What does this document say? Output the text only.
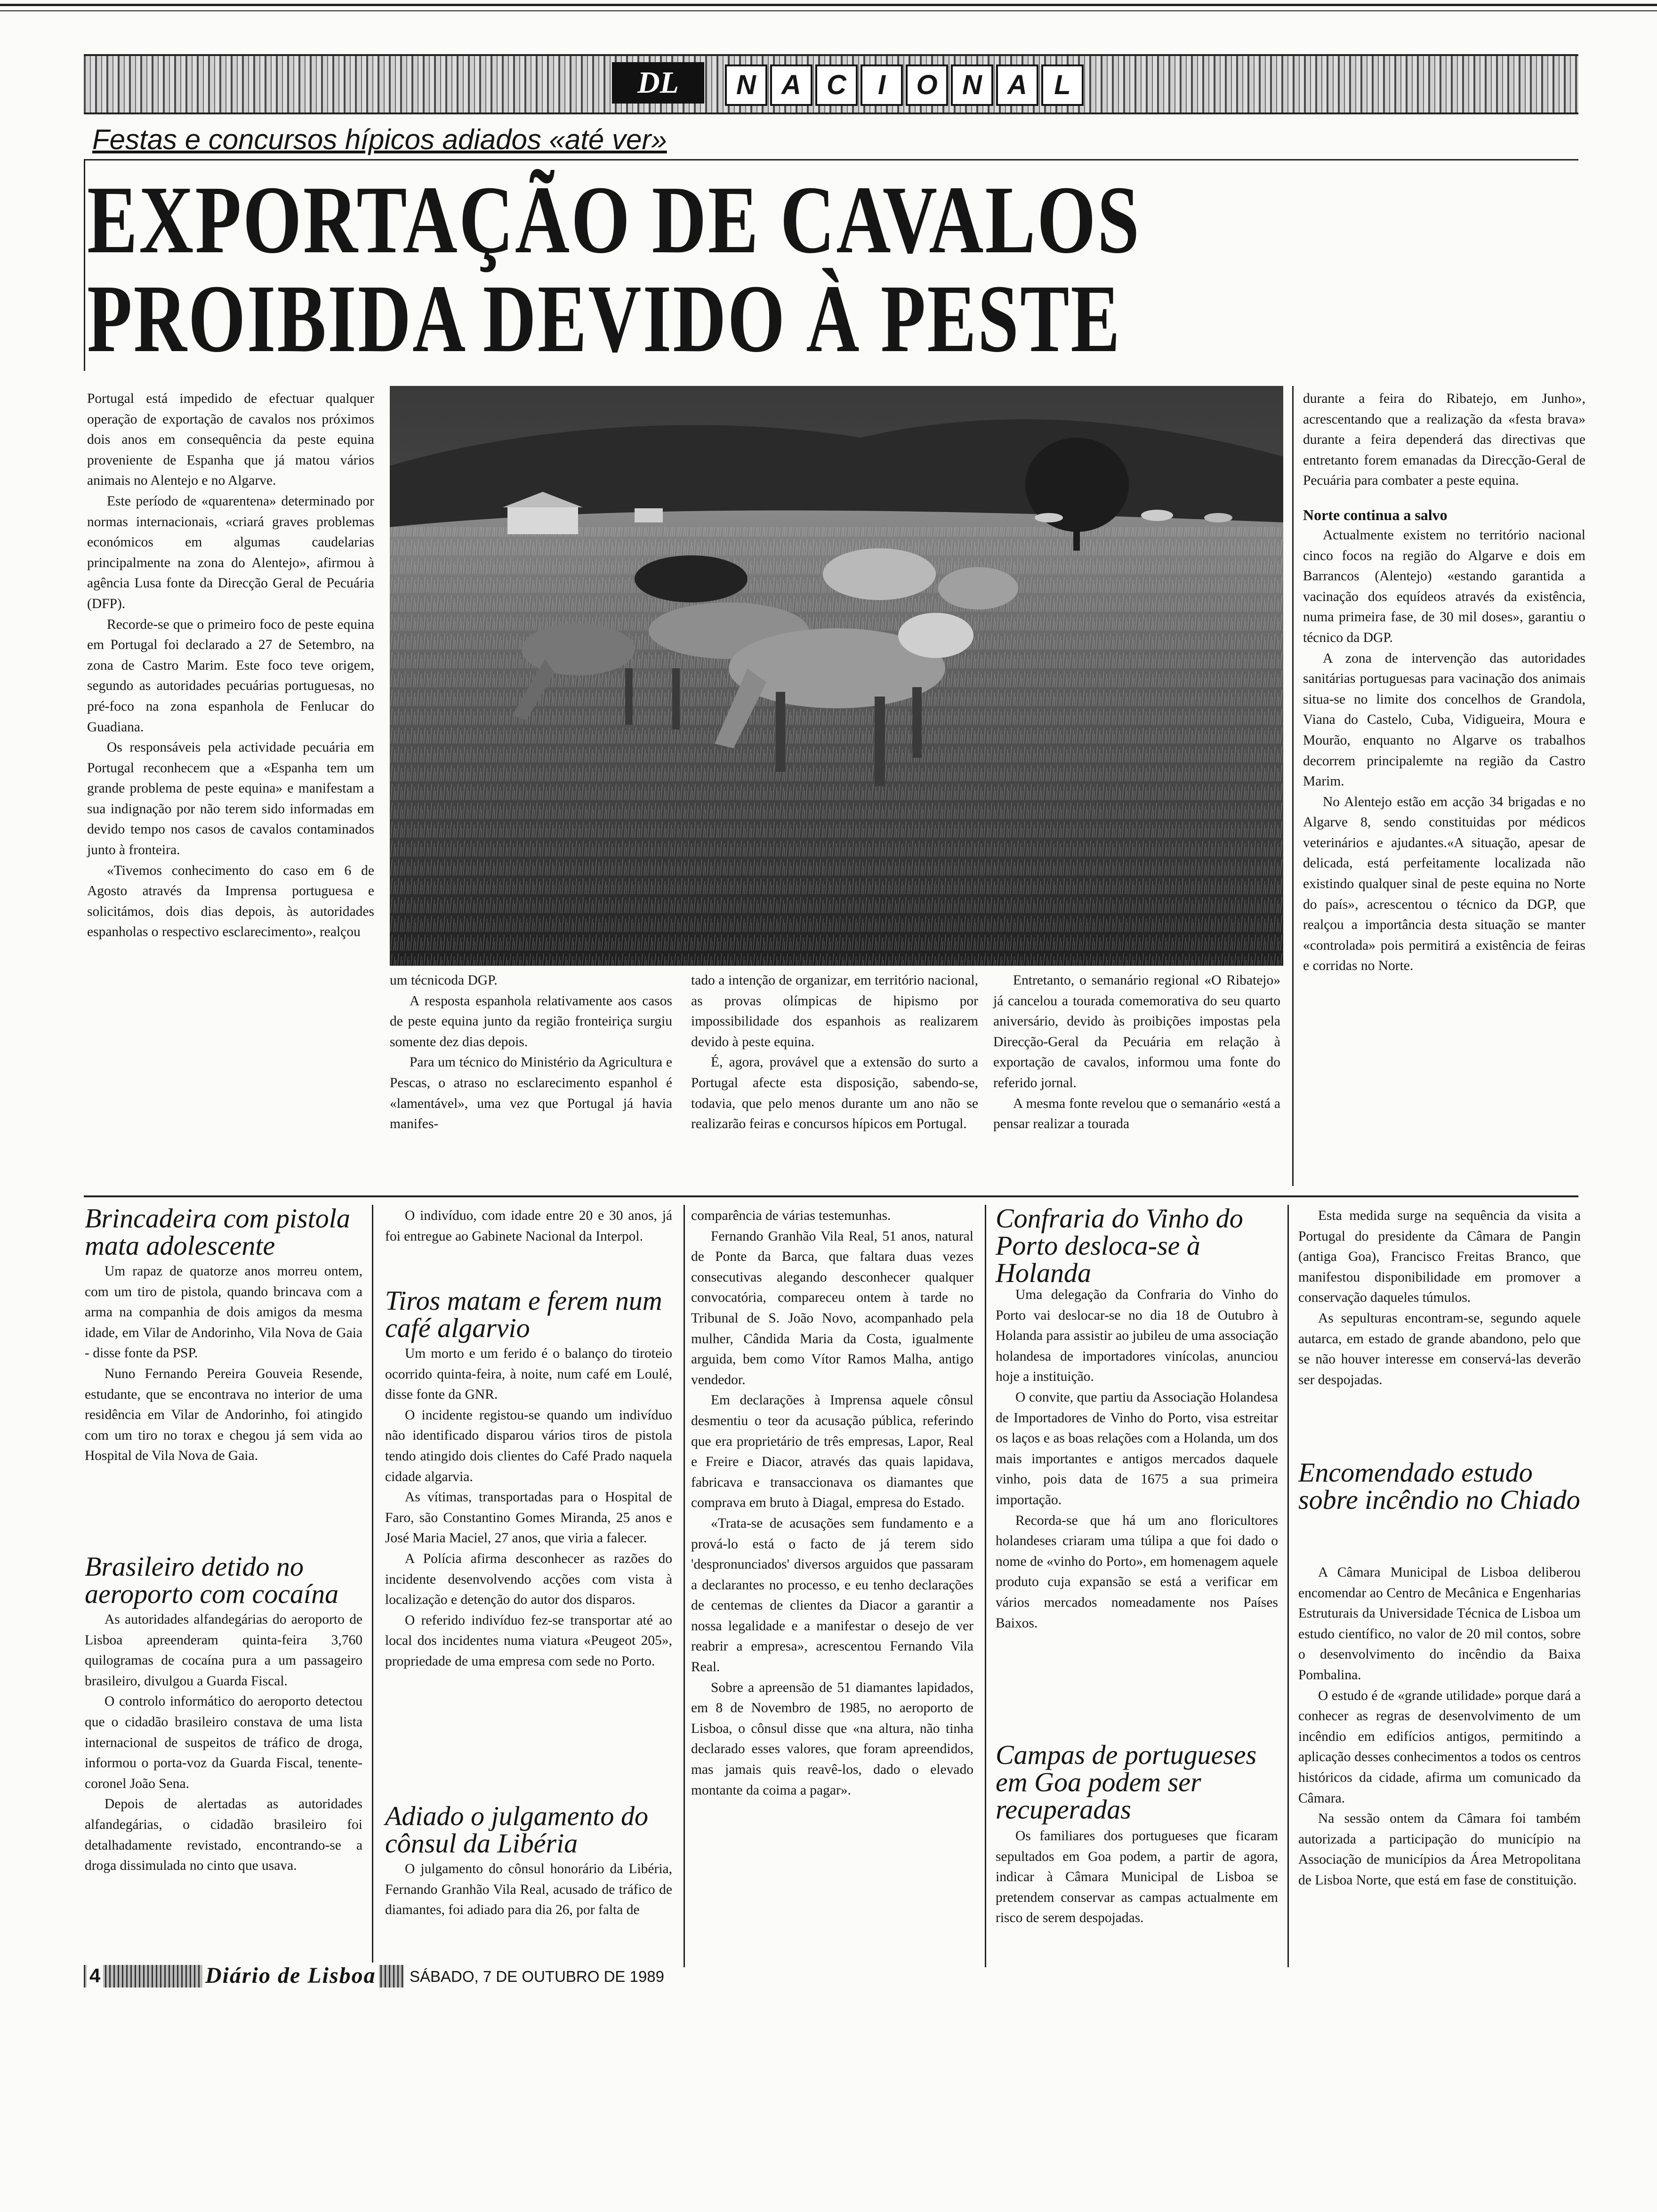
DL	N A C	I	O N A L
Festas e concursos hípicos adiados «até ver»
EXPORTAÇÃO DE CAVALOS
PROIBIDA DEVIDO À PESTE

Portugal está impedido de efectuar qualquer operação de exportação de cavalos nos próximos dois anos em consequência da peste equina proveniente de Espanha que já matou vários animais no Alentejo e no Algarve.

Este período de «quarentena» determinado por normas internacionais, «criará graves problemas económicos em algumas caudelarias principalmente na zona do Alentejo», afirmou à agência Lusa fonte da Direcção Geral de Pecuária (DFP).

Recorde-se que o primeiro foco de peste equina em Portugal foi declarado a 27 de Setembro, na zona de Castro Marim. Este foco teve origem, segundo as autoridades pecuárias portuguesas, no pré-foco na zona espanhola de Fenlucar do Guadiana.

Os responsáveis pela actividade pecuária em Portugal reconhecem que a «Espanha tem um grande problema de peste equina» e manifestam a sua indignação por não terem sido informadas em devido tempo nos casos de cavalos contaminados junto à fronteira.

«Tivemos conhecimento do caso em 6 de Agosto através da Imprensa portuguesa e solicitámos, dois dias depois, às autoridades espanholas o respectivo esclarecimento», realçou

um técnicoda DGP.

A resposta espanhola relativamente aos casos de peste equina junto da região fronteiriça surgiu somente dez dias depois.

Para um técnico do Ministério da Agricultura e Pescas, o atraso no esclarecimento espanhol é «lamentável», uma vez que Portugal já havia manifes-

tado a intenção de organizar, em território nacional, as provas olímpicas de hipismo por impossibilidade dos espanhois as realizarem devido à peste equina.

É, agora, provável que a extensão do surto a Portugal afecte esta disposição, sabendo-se, todavia, que pelo menos durante um ano não se realizarão feiras e concursos hípicos em Portugal.

Entretanto, o semanário regional «O Ribatejo» já cancelou a tourada comemorativa do seu quarto aniversário, devido às proibições impostas pela Direcção-Geral da Pecuária em relação à exportação de cavalos, informou uma fonte do referido jornal.

A mesma fonte revelou que o semanário «está a pensar realizar a tourada

durante a feira do Ribatejo, em Junho», acrescentando que a realização da «festa brava» durante a feira dependerá das directivas que entretanto forem emanadas da Direcção-Geral de Pecuária para combater a peste equina.

Norte continua a salvo

Actualmente existem no território nacional cinco focos na região do Algarve e dois em Barrancos (Alentejo) «estando garantida a vacinação dos equídeos através da existência, numa primeira fase, de 30 mil doses», garantiu o técnico da DGP.

A zona de intervenção das autoridades sanitárias portuguesas para vacinação dos animais situa-se no limite dos concelhos de Grandola, Viana do Castelo, Cuba, Vidigueira, Moura e Mourão, enquanto no Algarve os trabalhos decorrem principalemte na região da Castro Marim.

No Alentejo estão em acção 34 brigadas e no Algarve 8, sendo constituidas por médicos veterinários e ajudantes.«A situação, apesar de delicada, está perfeitamente localizada não existindo qualquer sinal de peste equina no Norte do país», acrescentou o técnico da DGP, que realçou a importância desta situação se manter «controlada» pois permitirá a existência de feiras e corridas no Norte.

Brincadeira com pistola mata adolescente

Um rapaz de quatorze anos morreu ontem, com um tiro de pistola, quando brincava com a arma na companhia de dois amigos da mesma idade, em Vilar de Andorinho, Vila Nova de Gaia - disse fonte da PSP.

Nuno Fernando Pereira Gouveia Resende, estudante, que se encontrava no interior de uma residência em Vilar de Andorinho, foi atingido com um tiro no torax e chegou já sem vida ao Hospital de Vila Nova de Gaia.

Brasileiro detido no aeroporto com cocaína

As autoridades alfandegárias do aeroporto de Lisboa apreenderam quinta-feira 3,760 quilogramas de cocaína pura a um passageiro brasileiro, divulgou a Guarda Fiscal.

O controlo informático do aeroporto detectou que o cidadão brasileiro constava de uma lista internacional de suspeitos de tráfico de droga, informou o porta-voz da Guarda Fiscal, tenente-coronel João Sena.

Depois de alertadas as autoridades alfandegárias, o cidadão brasileiro foi detalhadamente revistado, encontrando-se a droga dissimulada no cinto que usava.

O indivíduo, com idade entre 20 e 30 anos, já foi entregue ao Gabinete Nacional da Interpol.

Tiros matam e ferem num café algarvio

Um morto e um ferido é o balanço do tiroteio ocorrido quinta-feira, à noite, num café em Loulé, disse fonte da GNR.

O incidente registou-se quando um indivíduo não identificado disparou vários tiros de pistola tendo atingido dois clientes do Café Prado naquela cidade algarvia.

As vítimas, transportadas para o Hospital de Faro, são Constantino Gomes Miranda, 25 anos e José Maria Maciel, 27 anos, que viria a falecer.

A Polícia afirma desconhecer as razões do incidente desenvolvendo acções com vista à localização e detenção do autor dos disparos.

O referido indivíduo fez-se transportar até ao local dos incidentes numa viatura «Peugeot 205», propriedade de uma empresa com sede no Porto.

Adiado o julgamento do cônsul da Libéria

O julgamento do cônsul honorário da Libéria, Fernando Granhão Vila Real, acusado de tráfico de diamantes, foi adiado para dia 26, por falta de

comparência de várias testemunhas.

Fernando Granhão Vila Real, 51 anos, natural de Ponte da Barca, que faltara duas vezes consecutivas alegando desconhecer qualquer convocatória, compareceu ontem à tarde no Tribunal de S. João Novo, acompanhado pela mulher, Cândida Maria da Costa, igualmente arguida, bem como Vítor Ramos Malha, antigo vendedor.

Em declarações à Imprensa aquele cônsul desmentiu o teor da acusação pública, referindo que era proprietário de três empresas, Lapor, Real e Freire e Diacor, através das quais lapidava, fabricava e transaccionava os diamantes que comprava em bruto à Diagal, empresa do Estado.

«Trata-se de acusações sem fundamento e a prová-lo está o facto de já terem sido 'despronunciados' diversos arguidos que passaram a declarantes no processo, e eu tenho declarações de centemas de clientes da Diacor a garantir a nossa legalidade e a manifestar o desejo de ver reabrir a empresa», acrescentou Fernando Vila Real.

Sobre a apreensão de 51 diamantes lapidados, em 8 de Novembro de 1985, no aeroporto de Lisboa, o cônsul disse que «na altura, não tinha declarado esses valores, que foram apreendidos, mas jamais quis reavê-los, dado o elevado montante da coima a pagar».

Confraria do Vinho do Porto desloca-se à Holanda

Uma delegação da Confraria do Vinho do Porto vai deslocar-se no dia 18 de Outubro à Holanda para assistir ao jubileu de uma associação holandesa de importadores vinícolas, anunciou hoje a instituição.

O convite, que partiu da Associação Holandesa de Importadores de Vinho do Porto, visa estreitar os laços e as boas relações com a Holanda, um dos mais importantes e antigos mercados daquele vinho, pois data de 1675 a sua primeira importação.

Recorda-se que há um ano floricultores holandeses criaram uma túlipa a que foi dado o nome de «vinho do Porto», em homenagem aquele produto cuja expansão se está a verificar em vários mercados nomeadamente nos Países Baixos.

Campas de portugueses em Goa podem ser recuperadas

Os familiares dos portugueses que ficaram sepultados em Goa podem, a partir de agora, indicar à Câmara Municipal de Lisboa se pretendem conservar as campas actualmente em risco de serem despojadas.

Esta medida surge na sequência da visita a Portugal do presidente da Câmara de Pangin (antiga Goa), Francisco Freitas Branco, que manifestou disponibilidade em promover a conservação daqueles túmulos.

As sepulturas encontram-se, segundo aquele autarca, em estado de grande abandono, pelo que se não houver interesse em conservá-las deverão ser despojadas.

Encomendado estudo sobre incêndio no Chiado

A Câmara Municipal de Lisboa deliberou encomendar ao Centro de Mecânica e Engenharias Estruturais da Universidade Técnica de Lisboa um estudo científico, no valor de 20 mil contos, sobre o desenvolvimento do incêndio da Baixa Pombalina.

O estudo é de «grande utilidade» porque dará a conhecer as regras de desenvolvimento de um incêndio em edifícios antigos, permitindo a aplicação desses conhecimentos a todos os centros históricos da cidade, afirma um comunicado da Câmara.

Na sessão ontem da Câmara foi também autorizada a participação do município na Associação de municípios da Área Metropolitana de Lisboa Norte, que está em fase de constituição.

4	Diário de Lisboa SÁBADO, 7 DE OUTUBRO DE 1989
